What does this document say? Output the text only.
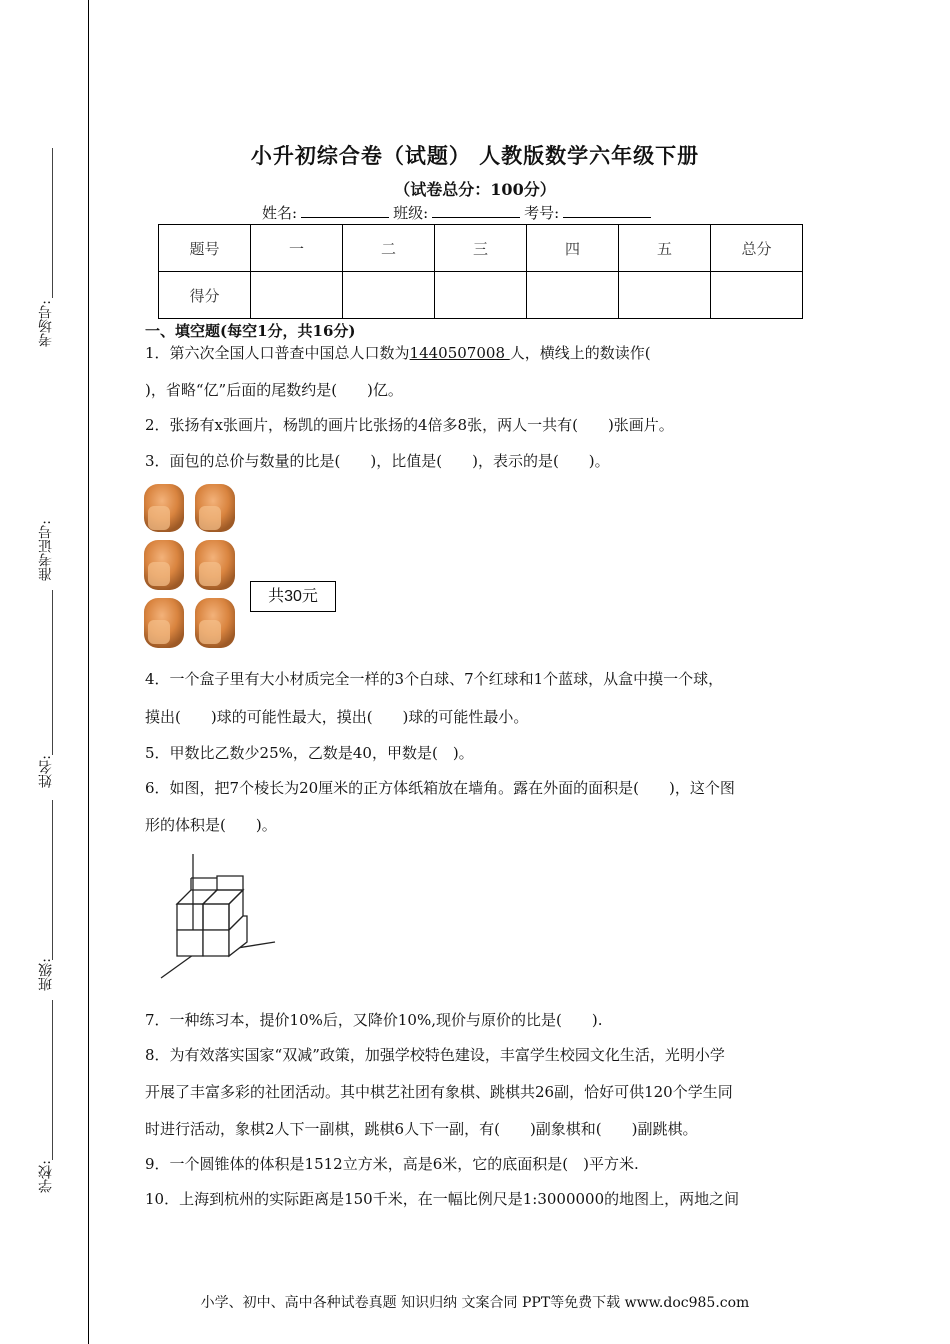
考场号:
准考证号:
姓名:
班级:
学校:
小升初综合卷（试题） 人教版数学六年级下册
（试卷总分：100分）
姓名:	班级:	考号:
题号	一	二	三	四	五	总分
得分						
一、填空题(每空1分，共16分)
1．第六次全国人口普查中国总人口数为1440507008 人，横线上的数读作(
)，省略“亿”后面的尾数约是(　　)亿。
2．张扬有x张画片，杨凯的画片比张扬的4倍多8张，两人一共有(　　)张画片。
3．面包的总价与数量的比是(　　)，比值是(　　)，表示的是(　　)。
共30元
4．一个盒子里有大小材质完全一样的3个白球、7个红球和1个蓝球，从盒中摸一个球，
摸出(　　)球的可能性最大，摸出(　　)球的可能性最小。
5．甲数比乙数少25%，乙数是40，甲数是(　)。
6．如图，把7个棱长为20厘米的正方体纸箱放在墙角。露在外面的面积是(　　)，这个图
形的体积是(　　)。
7．一种练习本，提价10%后，又降价10%,现价与原价的比是(　　).
8．为有效落实国家“双减”政策，加强学校特色建设，丰富学生校园文化生活，光明小学
开展了丰富多彩的社团活动。其中棋艺社团有象棋、跳棋共26副，恰好可供120个学生同
时进行活动，象棋2人下一副棋，跳棋6人下一副，有(　　)副象棋和(　　)副跳棋。
9．一个圆锥体的体积是1512立方米，高是6米，它的底面积是(　)平方米.
10．上海到杭州的实际距离是150千米，在一幅比例尺是1:3000000的地图上，两地之间
小学、初中、高中各种试卷真题 知识归纳 文案合同 PPT等免费下载 www.doc985.com
